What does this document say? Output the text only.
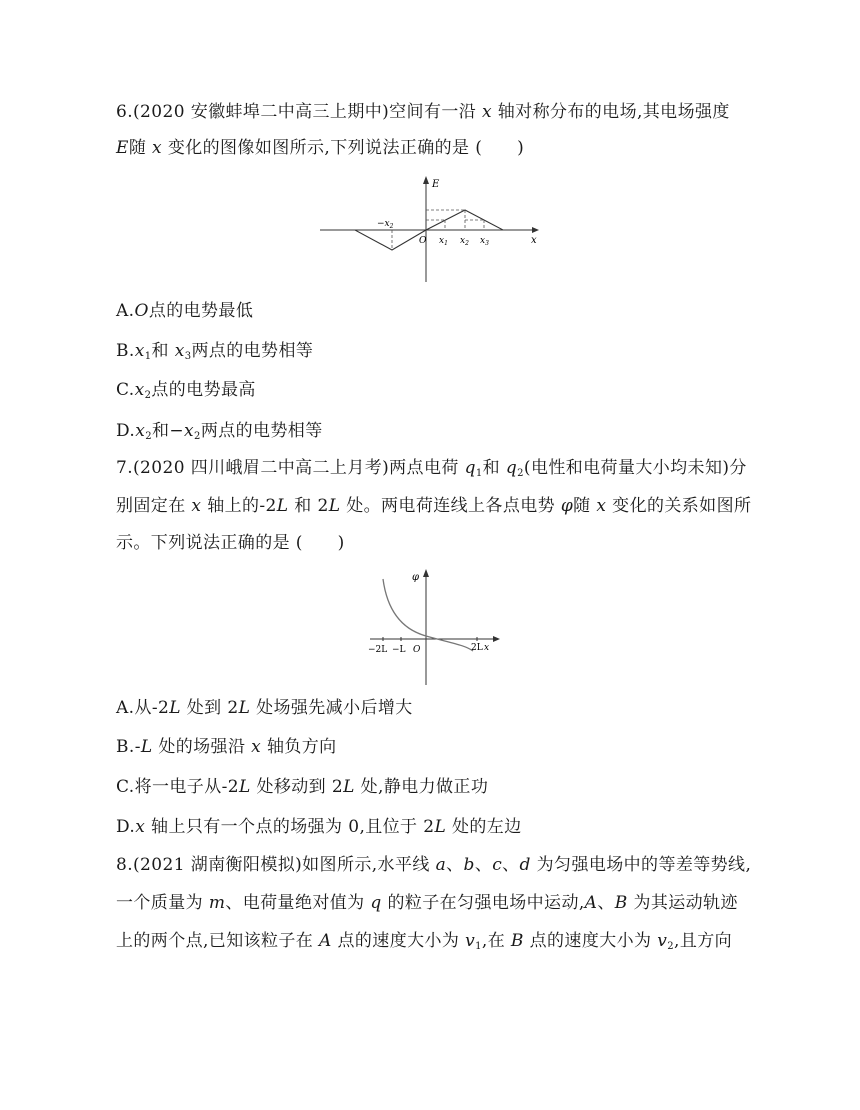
6.(2020 安徽蚌埠二中高三上期中)空间有一沿 x 轴对称分布的电场,其电场强度
E随 x 变化的图像如图所示,下列说法正确的是 (　　)
E
x
O
$-x_2$
$x_1$ $x_2$ $x_3$
A.O点的电势最低
$B.x_1$和 $x_3$两点的电势相等
$C.x_2$点的电势最高
$D.x_2$和$-x_2$两点的电势相等
7.(2020 四川峨眉二中高二上月考)两点电荷 $q_1$和 $q_2$(电性和电荷量大小均未知)分
别固定在 x 轴上的-2L 和 2L 处。两电荷连线上各点电势 φ随 x 变化的关系如图所
示。下列说法正确的是 (　　)
φ
x
O
−2L −L	2L
A.从-2L 处到 2L 处场强先减小后增大
B.-L 处的场强沿 x 轴负方向
C.将一电子从-2L 处移动到 2L 处,静电力做正功
D.x 轴上只有一个点的场强为 0,且位于 2L 处的左边
8.(2021 湖南衡阳模拟)如图所示,水平线 a、b、c、d 为匀强电场中的等差等势线,
一个质量为 m、电荷量绝对值为 q 的粒子在匀强电场中运动,A、B 为其运动轨迹
上的两个点,已知该粒子在 A 点的速度大小为 $v_1$,在 B 点的速度大小为 $v_2$,且方向
